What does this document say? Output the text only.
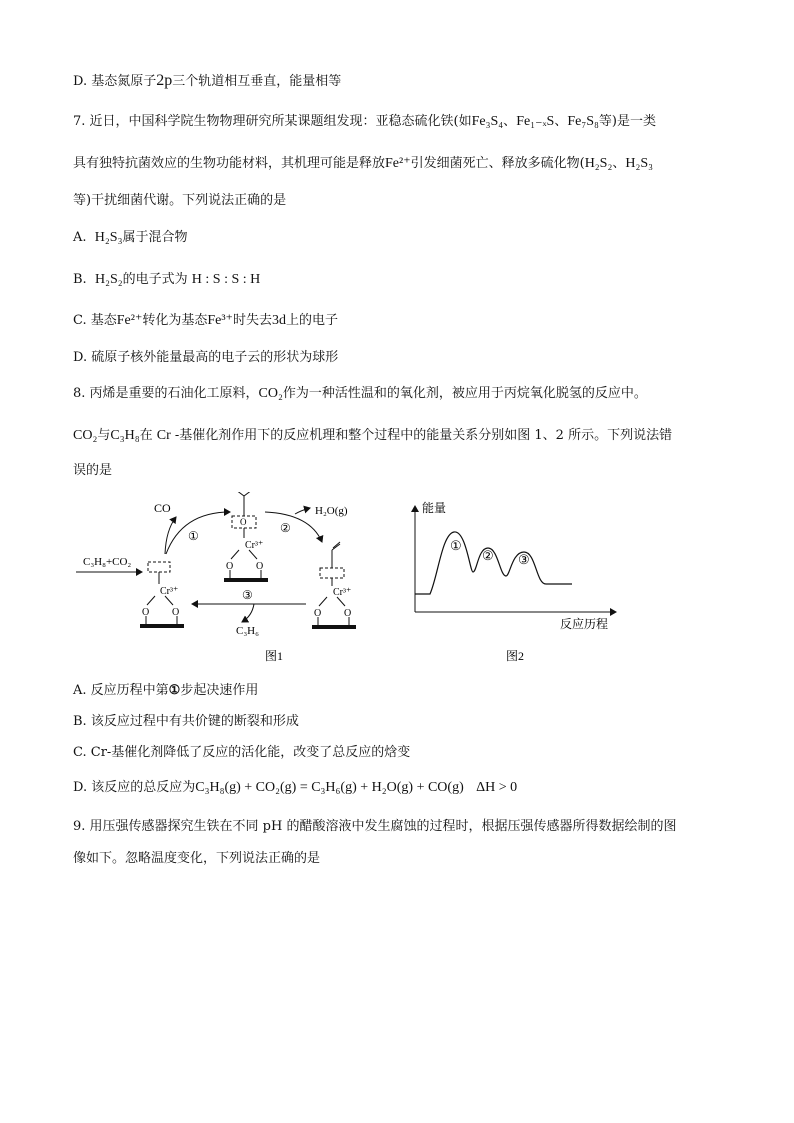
D. 基态氮原子2p三个轨道相互垂直，能量相等
7. 近日，中国科学院生物物理研究所某课题组发现：亚稳态硫化铁(如Fe₃S₄、Fe₁₋ₓS、Fe₇S₈等)是一类
具有独特抗菌效应的生物功能材料，其机理可能是释放Fe²⁺引发细菌死亡、释放多硫化物(H₂S₂、H₂S₃
等)干扰细菌代谢。下列说法正确的是
A. H₂S₃属于混合物
B. H₂S₂的电子式为 H : S : S : H
C. 基态Fe²⁺转化为基态Fe³⁺时失去3d上的电子
D. 硫原子核外能量最高的电子云的形状为球形
8. 丙烯是重要的石油化工原料，CO₂作为一种活性温和的氧化剂，被应用于丙烷氧化脱氢的反应中。
CO₂与C₃H₈在 Cr -基催化剂作用下的反应机理和整个过程中的能量关系分别如图 1、2 所示。下列说法错
误的是
CO
C₃H₈+CO₂
Cr³⁺
O O
①
O
Cr³⁺
O O
②
H₂O(g)
Cr³⁺
O O
③
C₃H₆
图1
能量
反应历程
①
② ③
图2
A. 反应历程中第①步起决速作用
B. 该反应过程中有共价键的断裂和形成
C. Cr-基催化剂降低了反应的活化能，改变了总反应的焓变
D. 该反应的总反应为C₃H₈(g) + CO₂(g) = C₃H₆(g) + H₂O(g) + CO(g) ΔH > 0
9. 用压强传感器探究生铁在不同 pH 的醋酸溶液中发生腐蚀的过程时，根据压强传感器所得数据绘制的图
像如下。忽略温度变化，下列说法正确的是
